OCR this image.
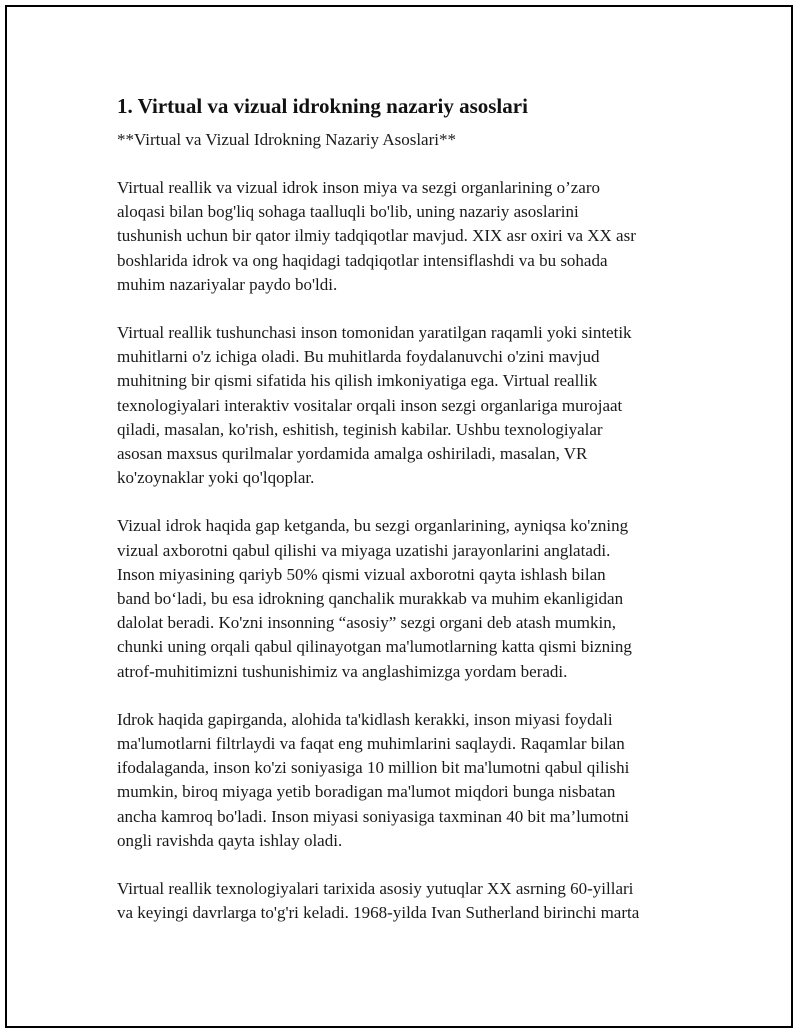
1. Virtual va vizual idrokning nazariy asoslari
**Virtual va Vizual Idrokning Nazariy Asoslari**
Virtual reallik va vizual idrok inson miya va sezgi organlarining o’zaro
aloqasi bilan bog'liq sohaga taalluqli bo'lib, uning nazariy asoslarini
tushunish uchun bir qator ilmiy tadqiqotlar mavjud. XIX asr oxiri va XX asr
boshlarida idrok va ong haqidagi tadqiqotlar intensiflashdi va bu sohada
muhim nazariyalar paydo bo'ldi.
Virtual reallik tushunchasi inson tomonidan yaratilgan raqamli yoki sintetik
muhitlarni o'z ichiga oladi. Bu muhitlarda foydalanuvchi o'zini mavjud
muhitning bir qismi sifatida his qilish imkoniyatiga ega. Virtual reallik
texnologiyalari interaktiv vositalar orqali inson sezgi organlariga murojaat
qiladi, masalan, ko'rish, eshitish, teginish kabilar. Ushbu texnologiyalar
asosan maxsus qurilmalar yordamida amalga oshiriladi, masalan, VR
ko'zoynaklar yoki qo'lqoplar.
Vizual idrok haqida gap ketganda, bu sezgi organlarining, ayniqsa ko'zning
vizual axborotni qabul qilishi va miyaga uzatishi jarayonlarini anglatadi.
Inson miyasining qariyb 50% qismi vizual axborotni qayta ishlash bilan
band bo‘ladi, bu esa idrokning qanchalik murakkab va muhim ekanligidan
dalolat beradi. Ko'zni insonning “asosiy” sezgi organi deb atash mumkin,
chunki uning orqali qabul qilinayotgan ma'lumotlarning katta qismi bizning
atrof-muhitimizni tushunishimiz va anglashimizga yordam beradi.
Idrok haqida gapirganda, alohida ta'kidlash kerakki, inson miyasi foydali
ma'lumotlarni filtrlaydi va faqat eng muhimlarini saqlaydi. Raqamlar bilan
ifodalaganda, inson ko'zi soniyasiga 10 million bit ma'lumotni qabul qilishi
mumkin, biroq miyaga yetib boradigan ma'lumot miqdori bunga nisbatan
ancha kamroq bo'ladi. Inson miyasi soniyasiga taxminan 40 bit ma’lumotni
ongli ravishda qayta ishlay oladi.
Virtual reallik texnologiyalari tarixida asosiy yutuqlar XX asrning 60-yillari
va keyingi davrlarga to'g'ri keladi. 1968-yilda Ivan Sutherland birinchi marta
